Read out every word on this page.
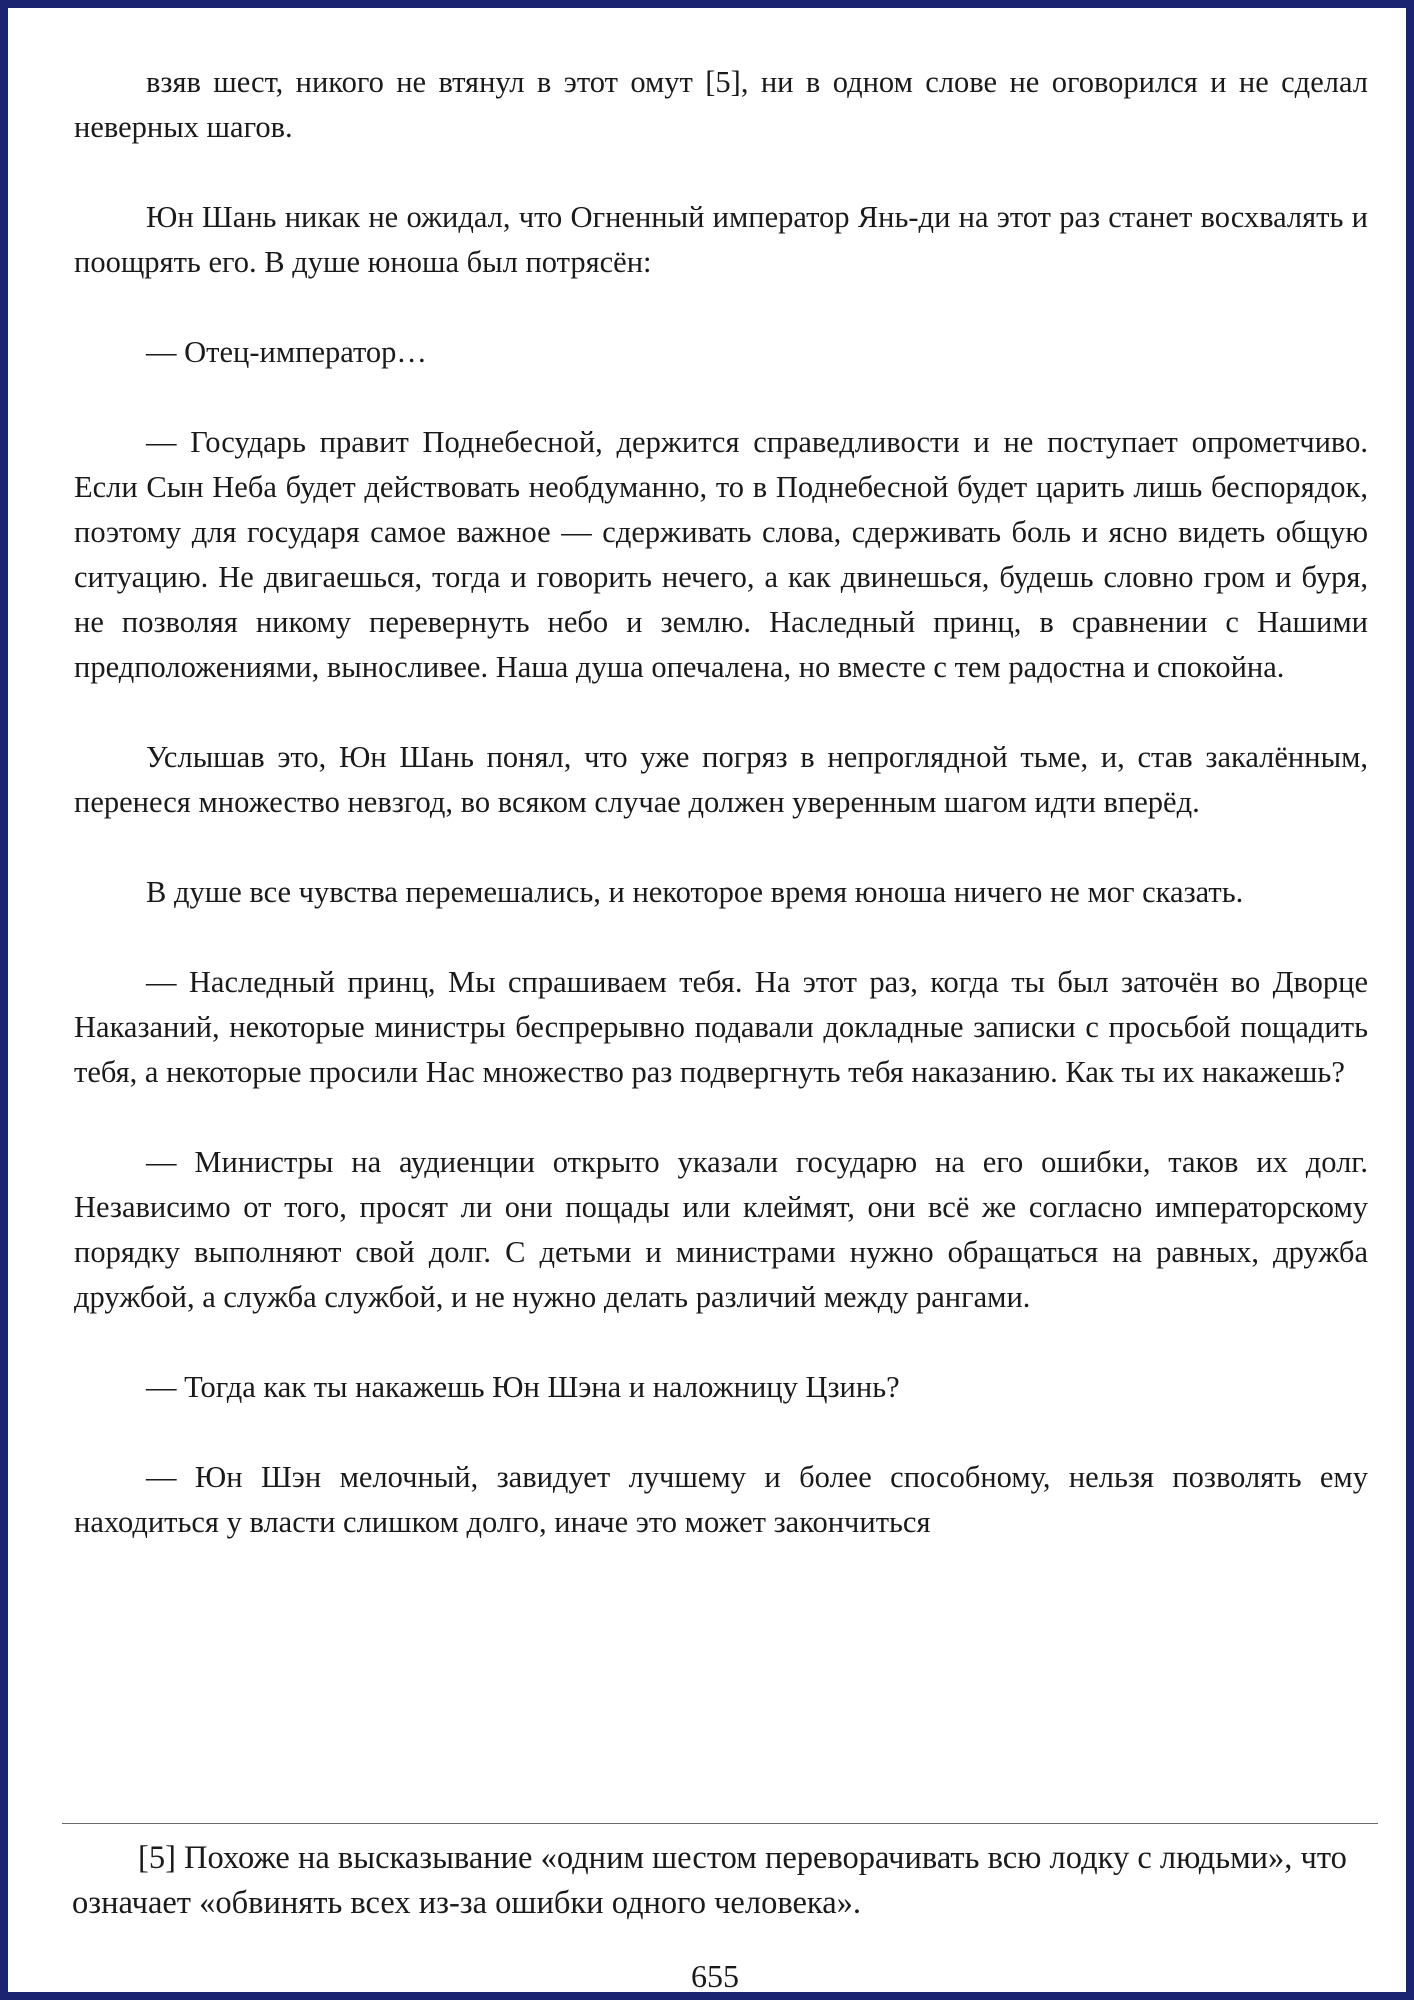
взяв шест, никого не втянул в этот омут [5], ни в одном слове не оговорился и не сделал неверных шагов.

Юн Шань никак не ожидал, что Огненный император Янь-ди на этот раз станет восхвалять и поощрять его. В душе юноша был потрясён:

— Отец-император…

— Государь правит Поднебесной, держится справедливости и не поступает опрометчиво. Если Сын Неба будет действовать необдуманно, то в Поднебесной будет царить лишь беспорядок, поэтому для государя самое важное — сдерживать слова, сдерживать боль и ясно видеть общую ситуацию. Не двигаешься, тогда и говорить нечего, а как двинешься, будешь словно гром и буря, не позволяя никому перевернуть небо и землю. Наследный принц, в сравнении с Нашими предположениями, выносливее. Наша душа опечалена, но вместе с тем радостна и спокойна.

Услышав это, Юн Шань понял, что уже погряз в непроглядной тьме, и, став закалённым, перенеся множество невзгод, во всяком случае должен уверенным шагом идти вперёд.

В душе все чувства перемешались, и некоторое время юноша ничего не мог сказать.

— Наследный принц, Мы спрашиваем тебя. На этот раз, когда ты был заточён во Дворце Наказаний, некоторые министры беспрерывно подавали докладные записки с просьбой пощадить тебя, а некоторые просили Нас множество раз подвергнуть тебя наказанию. Как ты их накажешь?

— Министры на аудиенции открыто указали государю на его ошибки, таков их долг. Независимо от того, просят ли они пощады или клеймят, они всё же согласно императорскому порядку выполняют свой долг. С детьми и министрами нужно обращаться на равных, дружба дружбой, а служба службой, и не нужно делать различий между рангами.

— Тогда как ты накажешь Юн Шэна и наложницу Цзинь?

— Юн Шэн мелочный, завидует лучшему и более способному, нельзя позволять ему находиться у власти слишком долго, иначе это может закончиться

[5] Похоже на высказывание «одним шестом переворачивать всю лодку с людьми», что означает «обвинять всех из-за ошибки одного человека».

655
